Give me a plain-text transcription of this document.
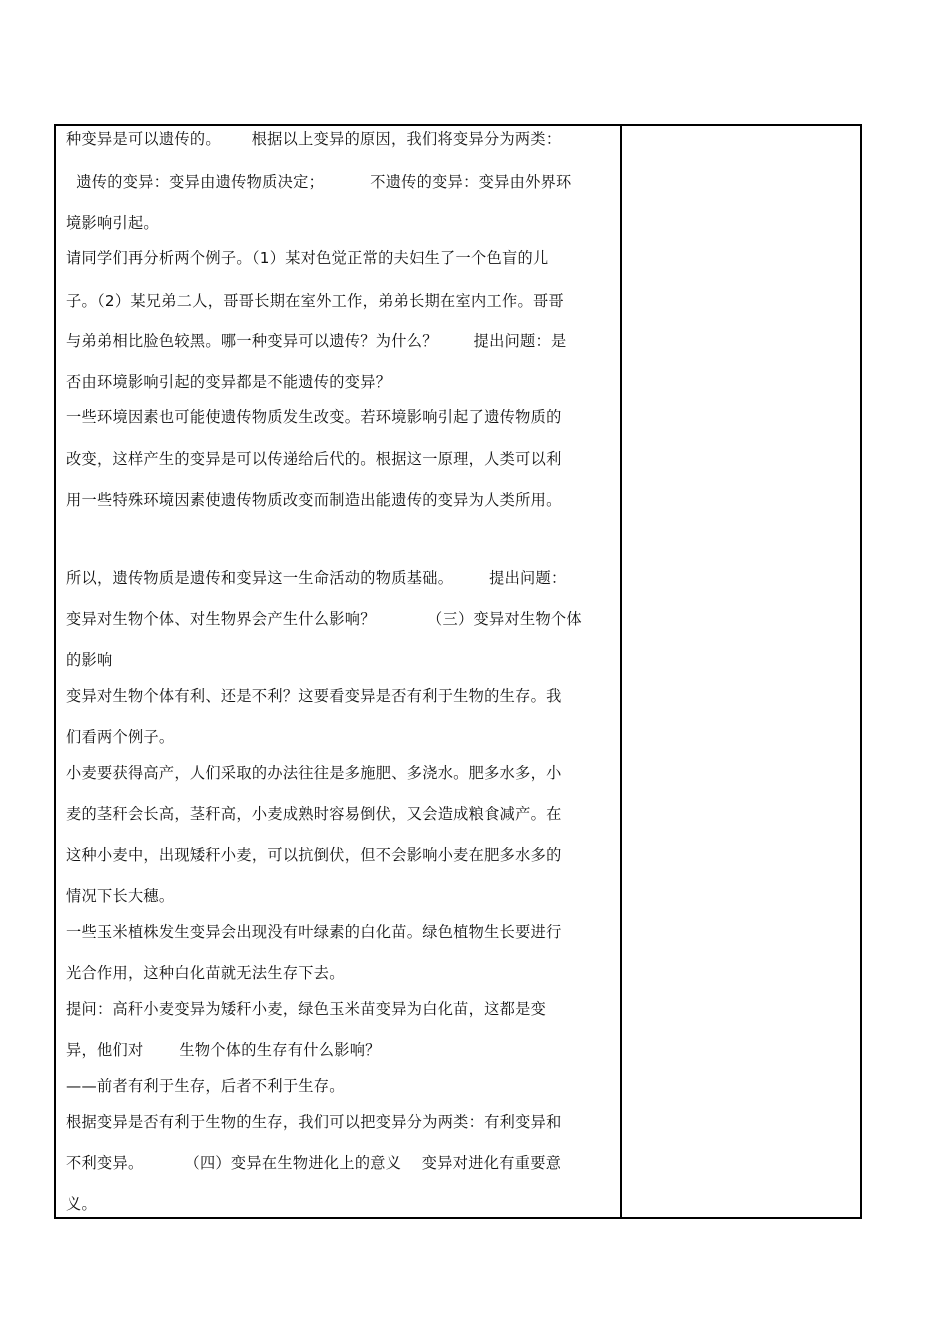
种变异是可以遗传的。      根据以上变异的原因，我们将变异分为两类：
遗传的变异：变异由遗传物质决定；         不遗传的变异：变异由外界环
境影响引起。
请同学们再分析两个例子。（1）某对色觉正常的夫妇生了一个色盲的儿
子。（2）某兄弟二人，哥哥长期在室外工作，弟弟长期在室内工作。哥哥
与弟弟相比脸色较黑。哪一种变异可以遗传？为什么？       提出问题：是
否由环境影响引起的变异都是不能遗传的变异？
一些环境因素也可能使遗传物质发生改变。若环境影响引起了遗传物质的
改变，这样产生的变异是可以传递给后代的。根据这一原理，人类可以利
用一些特殊环境因素使遗传物质改变而制造出能遗传的变异为人类所用。
所以，遗传物质是遗传和变异这一生命活动的物质基础。       提出问题：
变异对生物个体、对生物界会产生什么影响？          （三）变异对生物个体
的影响
变异对生物个体有利、还是不利？这要看变异是否有利于生物的生存。我
们看两个例子。
小麦要获得高产，人们采取的办法往往是多施肥、多浇水。肥多水多，小
麦的茎秆会长高，茎秆高，小麦成熟时容易倒伏，又会造成粮食减产。在
这种小麦中，出现矮秆小麦，可以抗倒伏，但不会影响小麦在肥多水多的
情况下长大穗。
一些玉米植株发生变异会出现没有叶绿素的白化苗。绿色植物生长要进行
光合作用，这种白化苗就无法生存下去。
提问：高秆小麦变异为矮秆小麦，绿色玉米苗变异为白化苗，这都是变
异，他们对       生物个体的生存有什么影响？
——前者有利于生存，后者不利于生存。
根据变异是否有利于生物的生存，我们可以把变异分为两类：有利变异和
不利变异。        （四）变异在生物进化上的意义    变异对进化有重要意
义。
